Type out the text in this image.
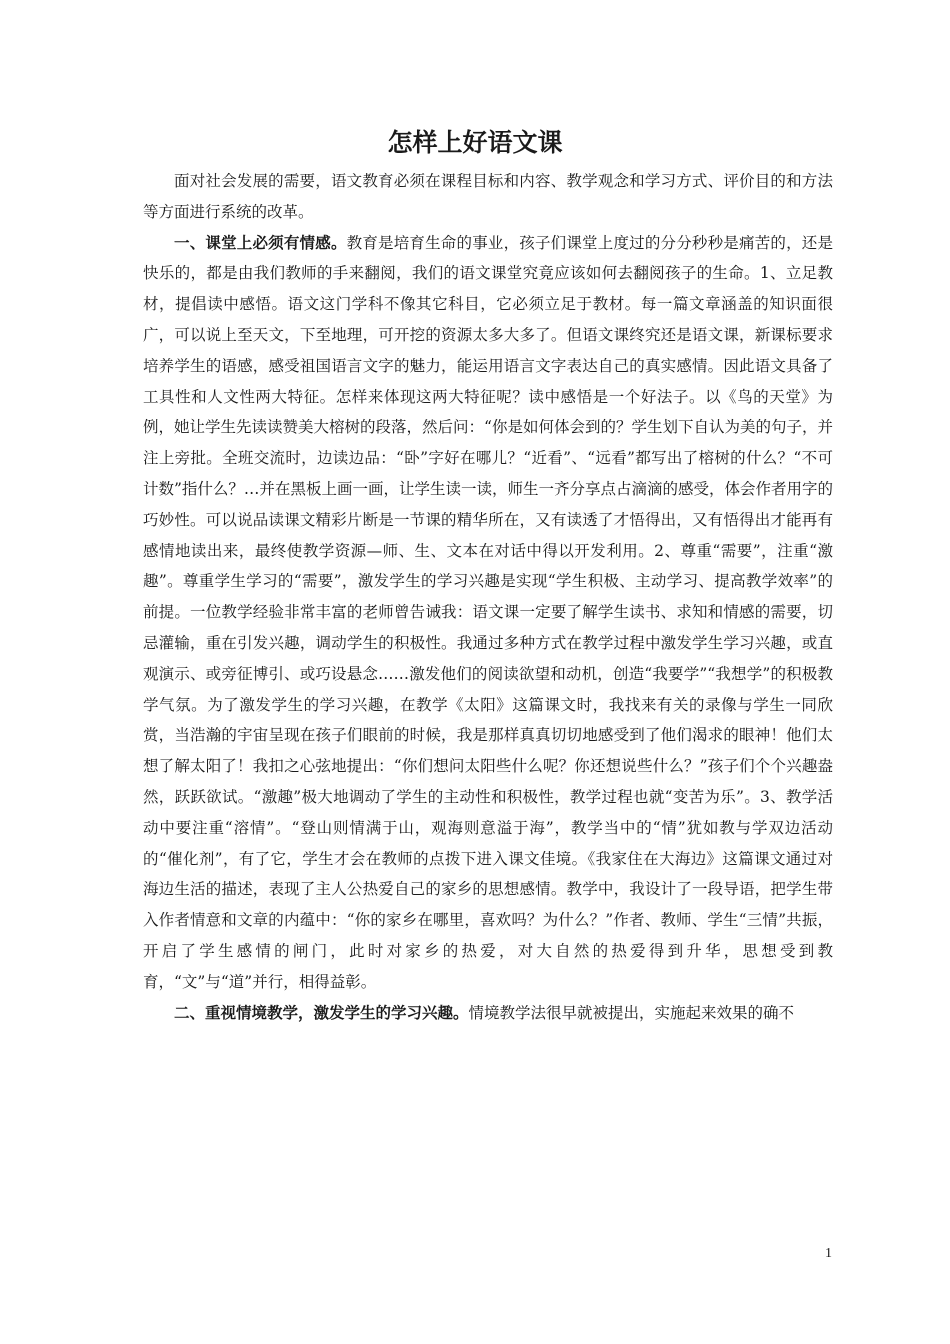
怎样上好语文课

面对社会发展的需要，语文教育必须在课程目标和内容、教学观念和学习方式、评价目的和方法等方面进行系统的改革。

一、课堂上必须有情感。教育是培育生命的事业，孩子们课堂上度过的分分秒秒是痛苦的，还是快乐的，都是由我们教师的手来翻阅，我们的语文课堂究竟应该如何去翻阅孩子的生命。1、立足教材，提倡读中感悟。语文这门学科不像其它科目，它必须立足于教材。每一篇文章涵盖的知识面很广，可以说上至天文，下至地理，可开挖的资源太多大多了。但语文课终究还是语文课，新课标要求培养学生的语感，感受祖国语言文字的魅力，能运用语言文字表达自己的真实感情。因此语文具备了工具性和人文性两大特征。怎样来体现这两大特征呢？读中感悟是一个好法子。以《鸟的天堂》为例，她让学生先读读赞美大榕树的段落，然后问：“你是如何体会到的？学生划下自认为美的句子，并注上旁批。全班交流时，边读边品：“卧”字好在哪儿？“近看”、“远看”都写出了榕树的什么？“不可计数”指什么？…并在黑板上画一画，让学生读一读，师生一齐分享点占滴滴的感受，体会作者用字的巧妙性。可以说品读课文精彩片断是一节课的精华所在，又有读透了才悟得出，又有悟得出才能再有感情地读出来，最终使教学资源—师、生、文本在对话中得以开发利用。2、尊重“需要”，注重“激趣”。尊重学生学习的“需要”，激发学生的学习兴趣是实现“学生积极、主动学习、提高教学效率”的前提。一位教学经验非常丰富的老师曾告诫我：语文课一定要了解学生读书、求知和情感的需要，切忌灌输，重在引发兴趣，调动学生的积极性。我通过多种方式在教学过程中激发学生学习兴趣，或直观演示、或旁征博引、或巧设悬念……激发他们的阅读欲望和动机，创造“我要学”“我想学”的积极教学气氛。为了激发学生的学习兴趣，在教学《太阳》这篇课文时，我找来有关的录像与学生一同欣赏，当浩瀚的宇宙呈现在孩子们眼前的时候，我是那样真真切切地感受到了他们渴求的眼神！他们太想了解太阳了！我扣之心弦地提出：“你们想问太阳些什么呢？你还想说些什么？”孩子们个个兴趣盎然，跃跃欲试。“激趣”极大地调动了学生的主动性和积极性，教学过程也就“变苦为乐”。3、教学活动中要注重“溶情”。“登山则情满于山，观海则意溢于海”，教学当中的“情”犹如教与学双边活动的“催化剂”，有了它，学生才会在教师的点拨下进入课文佳境。《我家住在大海边》这篇课文通过对海边生活的描述，表现了主人公热爱自己的家乡的思想感情。教学中，我设计了一段导语，把学生带入作者情意和文章的内蕴中：“你的家乡在哪里，喜欢吗？为什么？”作者、教师、学生“三情”共振，开启了学生感情的闸门，此时对家乡的热爱，对大自然的热爱得到升华，思想受到教育，“文”与“道”并行，相得益彰。

二、重视情境教学，激发学生的学习兴趣。情境教学法很早就被提出，实施起来效果的确不

1
